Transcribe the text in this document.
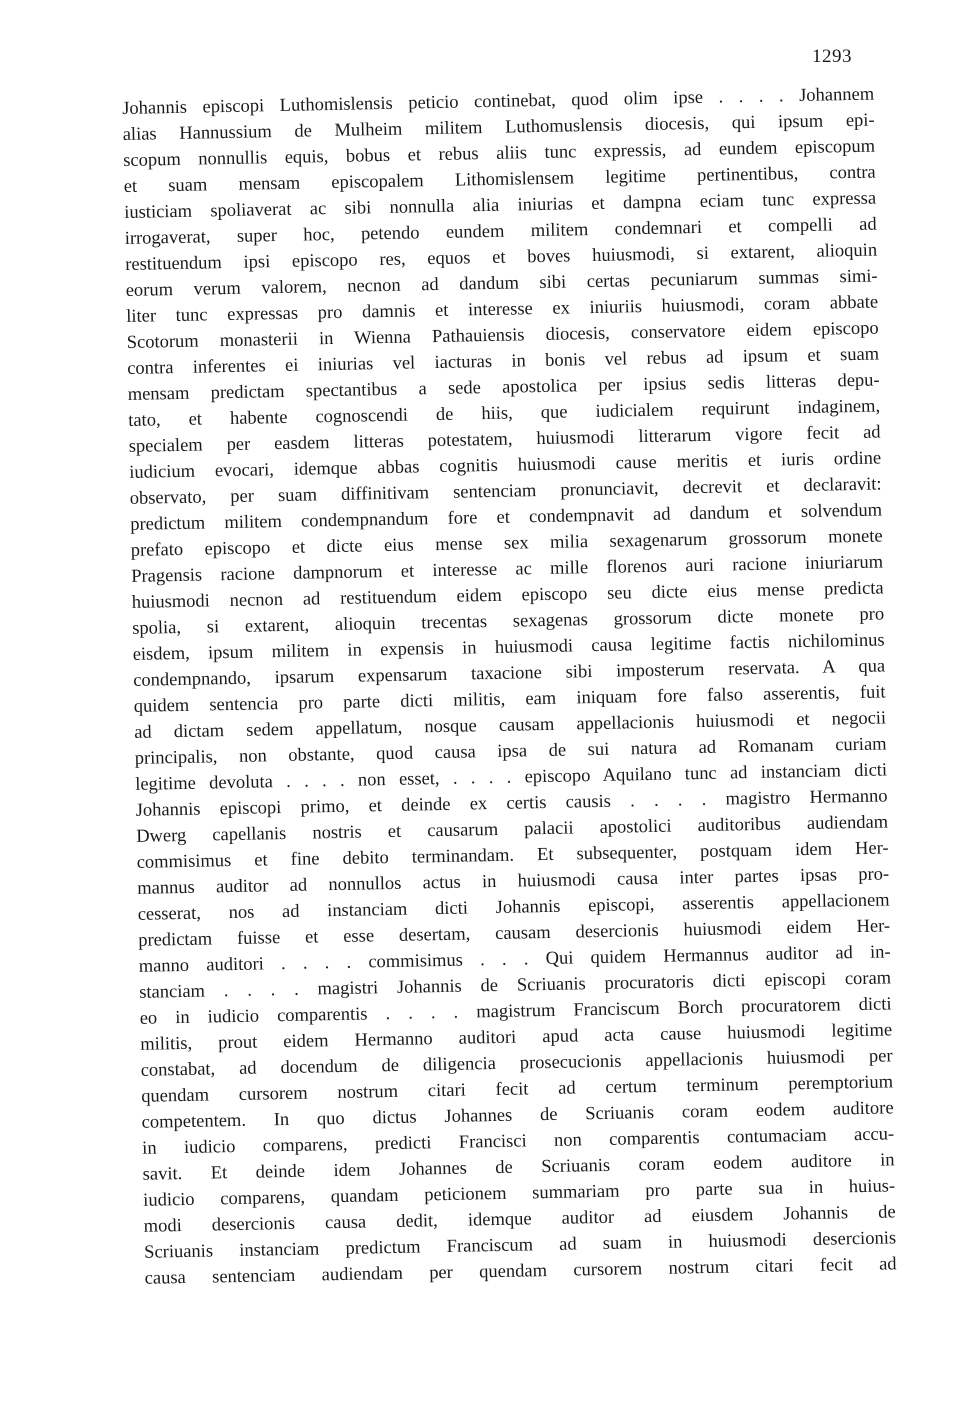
1293
Johannis episcopi Luthomislensis peticio continebat, quod olim ipse . . . . Johannem
alias Hannussium de Mulheim militem Luthomuslensis diocesis, qui ipsum epi-
scopum nonnullis equis, bobus et rebus aliis tunc expressis, ad eundem episcopum
et suam mensam episcopalem Lithomislensem legitime pertinentibus, contra
iusticiam spoliaverat ac sibi nonnulla alia iniurias et dampna eciam tunc expressa
irrogaverat, super hoc, petendo eundem militem condemnari et compelli ad
restituendum ipsi episcopo res, equos et boves huiusmodi, si extarent, alioquin
eorum verum valorem, necnon ad dandum sibi certas pecuniarum summas simi-
liter tunc expressas pro damnis et interesse ex iniuriis huiusmodi, coram abbate
Scotorum monasterii in Wienna Pathauiensis diocesis, conservatore eidem episcopo
contra inferentes ei iniurias vel iacturas in bonis vel rebus ad ipsum et suam
mensam predictam spectantibus a sede apostolica per ipsius sedis litteras depu-
tato, et habente cognoscendi de hiis, que iudicialem requirunt indaginem,
specialem per easdem litteras potestatem, huiusmodi litterarum vigore fecit ad
iudicium evocari, idemque abbas cognitis huiusmodi cause meritis et iuris ordine
observato, per suam diffinitivam sentenciam pronunciavit, decrevit et declaravit:
predictum militem condempnandum fore et condempnavit ad dandum et solvendum
prefato episcopo et dicte eius mense sex milia sexagenarum grossorum monete
Pragensis racione dampnorum et interesse ac mille florenos auri racione iniuriarum
huiusmodi necnon ad restituendum eidem episcopo seu dicte eius mense predicta
spolia, si extarent, alioquin trecentas sexagenas grossorum dicte monete pro
eisdem, ipsum militem in expensis in huiusmodi causa legitime factis nichilominus
condempnando, ipsarum expensarum taxacione sibi imposterum reservata. A qua
quidem sentencia pro parte dicti militis, eam iniquam fore falso asserentis, fuit
ad dictam sedem appellatum, nosque causam appellacionis huiusmodi et negocii
principalis, non obstante, quod causa ipsa de sui natura ad Romanam curiam
legitime devoluta . . . . non esset, . . . . episcopo Aquilano tunc ad instanciam dicti
Johannis episcopi primo, et deinde ex certis causis . . . . magistro Hermanno
Dwerg capellanis nostris et causarum palacii apostolici auditoribus audiendam
commisimus et fine debito terminandam. Et subsequenter, postquam idem Her-
mannus auditor ad nonnullos actus in huiusmodi causa inter partes ipsas pro-
cesserat, nos ad instanciam dicti Johannis episcopi, asserentis appellacionem
predictam fuisse et esse desertam, causam desercionis huiusmodi eidem Her-
manno auditori . . . . commisimus . . . Qui quidem Hermannus auditor ad in-
stanciam . . . . magistri Johannis de Scriuanis procuratoris dicti episcopi coram
eo in iudicio comparentis . . . . magistrum Franciscum Borch procuratorem dicti
militis, prout eidem Hermanno auditori apud acta cause huiusmodi legitime
constabat, ad docendum de diligencia prosecucionis appellacionis huiusmodi per
quendam cursorem nostrum citari fecit ad certum terminum peremptorium
competentem. In quo dictus Johannes de Scriuanis coram eodem auditore
in iudicio comparens, predicti Francisci non comparentis contumaciam accu-
savit. Et deinde idem Johannes de Scriuanis coram eodem auditore in
iudicio comparens, quandam peticionem summariam pro parte sua in huius-
modi desercionis causa dedit, idemque auditor ad eiusdem Johannis de
Scriuanis instanciam predictum Franciscum ad suam in huiusmodi desercionis
causa sentenciam audiendam per quendam cursorem nostrum citari fecit ad
